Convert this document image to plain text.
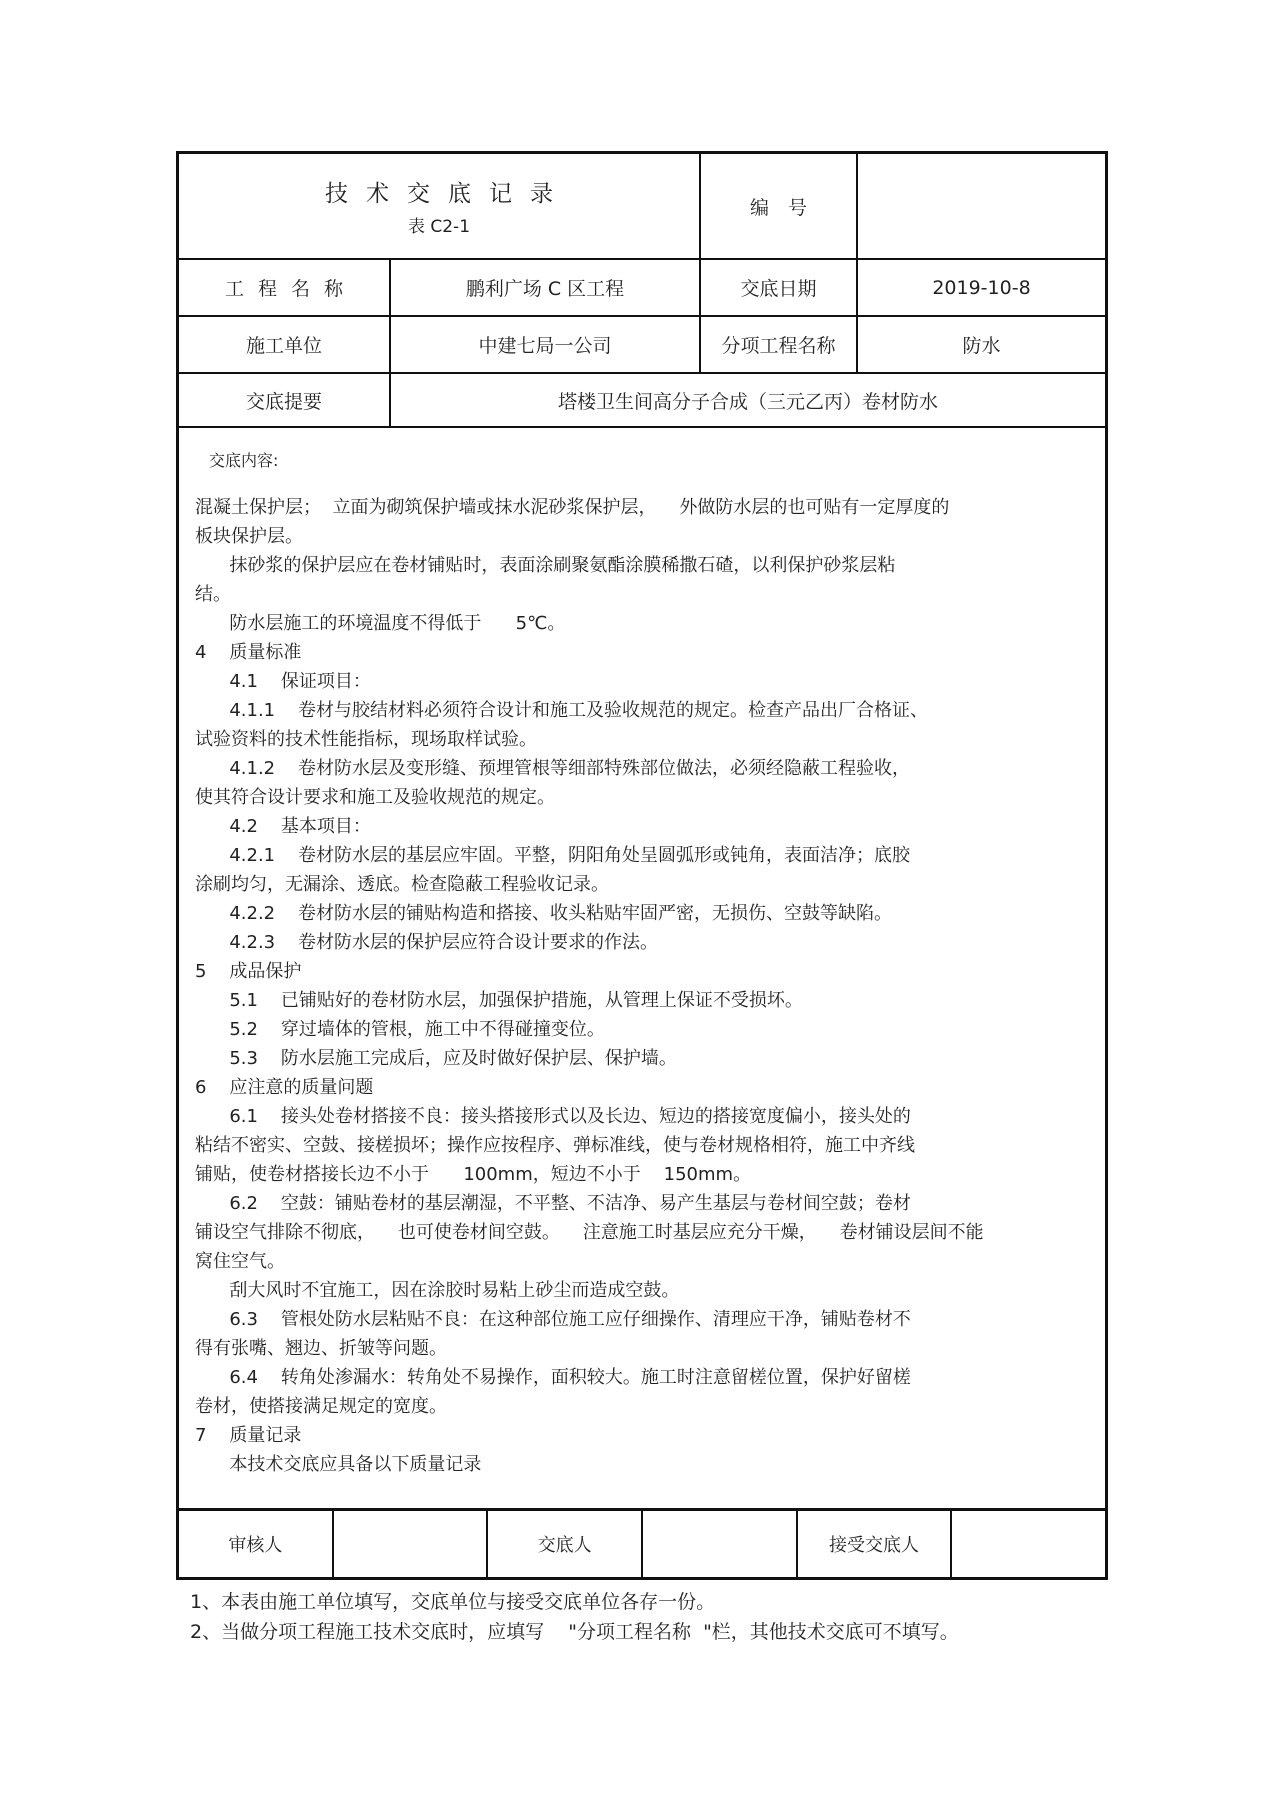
技术交底记录
表 C2-1
编　号
工程名称	鹏利广场 C 区工程	交底日期	2019-10-8
施工单位	中建七局一公司	分项工程名称	防水
交底提要	塔楼卫生间高分子合成（三元乙丙）卷材防水
交底内容:

混凝土保护层；  立面为砌筑保护墙或抹水泥砂浆保护层，    外做防水层的也可贴有一定厚度的

板块保护层。

抹砂浆的保护层应在卷材铺贴时，表面涂刷聚氨酯涂膜稀撒石碴，以利保护砂浆层粘

结。

防水层施工的环境温度不得低于      5℃。

4    质量标准

4.1    保证项目：

4.1.1    卷材与胶结材料必须符合设计和施工及验收规范的规定。检查产品出厂合格证、

试验资料的技术性能指标，现场取样试验。

4.1.2    卷材防水层及变形缝、预埋管根等细部特殊部位做法，必须经隐蔽工程验收，

使其符合设计要求和施工及验收规范的规定。

4.2    基本项目：

4.2.1    卷材防水层的基层应牢固。平整，阴阳角处呈圆弧形或钝角，表面洁净；底胶

涂刷均匀，无漏涂、透底。检查隐蔽工程验收记录。

4.2.2    卷材防水层的铺贴构造和搭接、收头粘贴牢固严密，无损伤、空鼓等缺陷。

4.2.3    卷材防水层的保护层应符合设计要求的作法。

5    成品保护

5.1    已铺贴好的卷材防水层，加强保护措施，从管理上保证不受损坏。

5.2    穿过墙体的管根，施工中不得碰撞变位。

5.3    防水层施工完成后，应及时做好保护层、保护墙。

6    应注意的质量问题

6.1    接头处卷材搭接不良：接头搭接形式以及长边、短边的搭接宽度偏小，接头处的

粘结不密实、空鼓、接槎损坏；操作应按程序、弹标准线，使与卷材规格相符，施工中齐线

铺贴，使卷材搭接长边不小于      100mm，短边不小于    150mm。

6.2    空鼓：铺贴卷材的基层潮湿，不平整、不洁净、易产生基层与卷材间空鼓；卷材

铺设空气排除不彻底，    也可使卷材间空鼓。    注意施工时基层应充分干燥，    卷材铺设层间不能

窝住空气。

刮大风时不宜施工，因在涂胶时易粘上砂尘而造成空鼓。

6.3    管根处防水层粘贴不良：在这种部位施工应仔细操作、清理应干净，铺贴卷材不

得有张嘴、翘边、折皱等问题。

6.4    转角处渗漏水：转角处不易操作，面积较大。施工时注意留槎位置，保护好留槎

卷材，使搭接满足规定的宽度。

7    质量记录

本技术交底应具备以下质量记录

审核人	交底人	接受交底人

1、本表由施工单位填写，交底单位与接受交底单位各存一份。

2、当做分项工程施工技术交底时，应填写    "分项工程名称  "栏，其他技术交底可不填写。
